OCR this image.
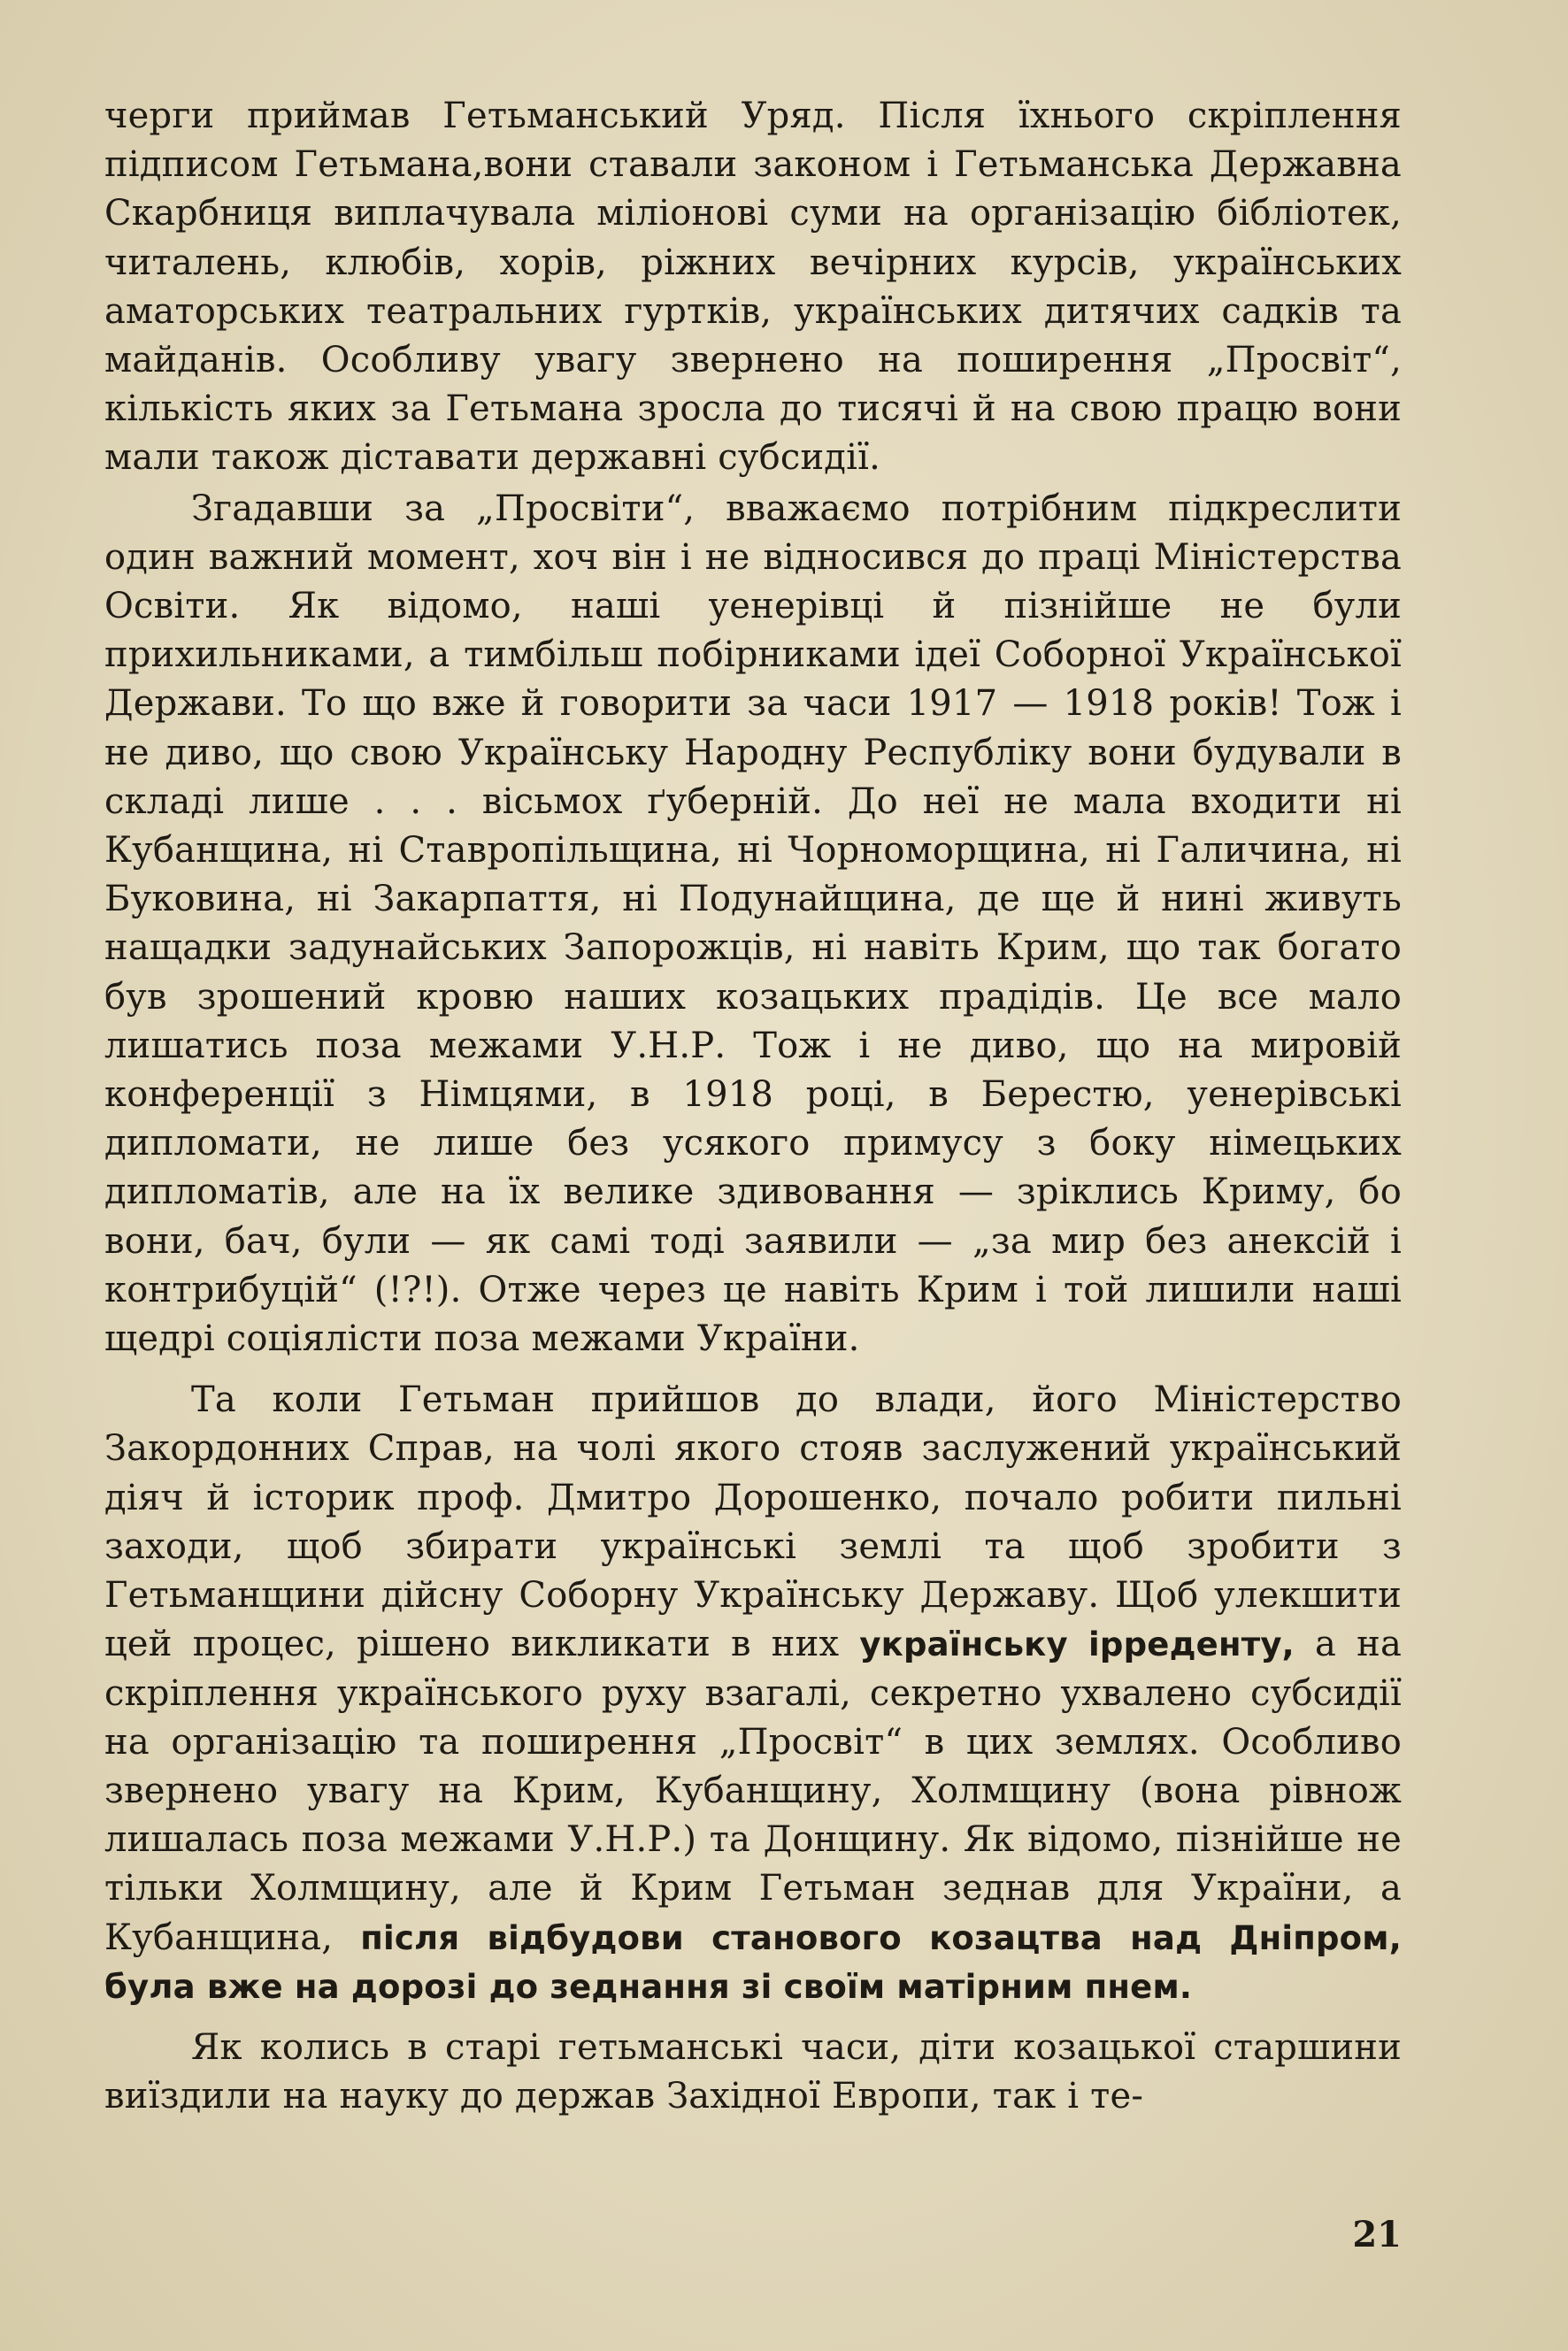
черги приймав Гетьманський Уряд. Після їхнього скріплення підписом Гетьмана,вони ставали законом і Гетьманська Державна Скарбниця виплачувала міліонові суми на організацію бібліотек, читалень, клюбів, хорів, ріжних вечірних курсів, українських аматорських театральних гуртків, українських дитячих садків та майданів. Особливу увагу звернено на поширення „Просвіт“, кількість яких за Гетьмана зросла до тисячі й на свою працю вони мали також діставати державні субсидії.

Згадавши за „Просвіти“, вважаємо потрібним підкреслити один важний момент, хоч він і не відносився до праці Міністерства Освіти. Як відомо, наші уенерівці й пізнійше не були прихильниками, а тимбільш побірниками ідеї Соборної Української Держави. То що вже й говорити за часи 1917 — 1918 років! Тож і не диво, що свою Українську Народну Республіку вони будували в складі лише . . . вісьмох ґуберній. До неї не мала входити ні Кубанщина, ні Ставропільщина, ні Чорноморщина, ні Галичина, ні Буковина, ні Закарпаття, ні Подунайщина, де ще й нині живуть нащадки задунайських Запорожців, ні навіть Крим, що так богато був зрошений кровю наших козацьких прадідів. Це все мало лишатись поза межами У.Н.Р. Тож і не диво, що на мировій конференції з Німцями, в 1918 році, в Берестю, уенерівські дипломати, не лише без усякого примусу з боку німецьких дипломатів, але на їх велике здивовання — зріклись Криму, бо вони, бач, були — як самі тоді заявили — „за мир без анексій і контрибуцій“ (!?!). Отже через це навіть Крим і той лишили наші щедрі соціялісти поза межами України.

Та коли Гетьман прийшов до влади, його Міністерство Закордонних Справ, на чолі якого стояв заслужений український діяч й історик проф. Дмитро Дорошенко, почало робити пильні заходи, щоб збирати українські землі та щоб зробити з Гетьманщини дійсну Соборну Українську Державу. Щоб улекшити цей процес, рішено викликати в них українську ірреденту, а на скріплення українського руху взагалі, секретно ухвалено субсидії на організацію та поширення „Просвіт“ в цих землях. Особливо звернено увагу на Крим, Кубанщину, Холмщину (вона рівнож лишалась поза межами У.Н.Р.) та Донщину. Як відомо, пізнійше не тільки Холмщину, але й Крим Гетьман зеднав для України, а Кубанщина, після відбудови станового козацтва над Дніпром, була вже на дорозі до зеднання зі своїм матірним пнем.

Як колись в старі гетьманські часи, діти козацької старшини виїздили на науку до держав Західної Европи, так і те-

21
